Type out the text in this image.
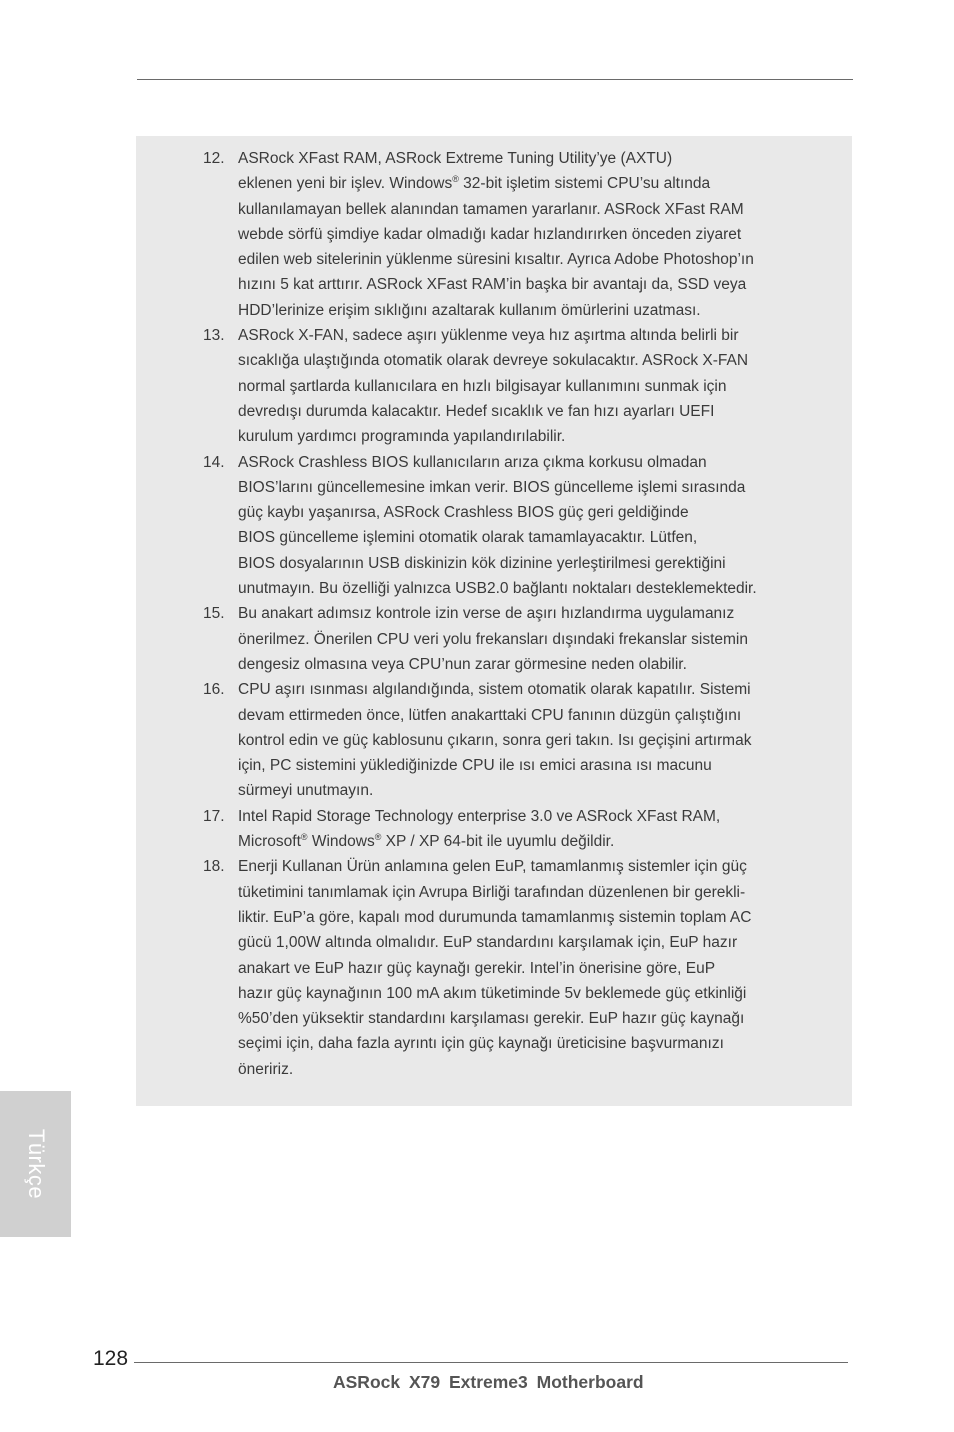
12. ASRock XFast RAM, ASRock Extreme Tuning Utility’ye (AXTU)
eklenen yeni bir işlev. Windows® 32-bit işletim sistemi CPU’su altında
kullanılamayan bellek alanından tamamen yararlanır. ASRock XFast RAM
webde sörfü şimdiye kadar olmadığı kadar hızlandırırken önceden ziyaret
edilen web sitelerinin yüklenme süresini kısaltır. Ayrıca Adobe Photoshop’ın
hızını 5 kat arttırır. ASRock XFast RAM’in başka bir avantajı da, SSD veya
HDD’lerinize erişim sıklığını azaltarak kullanım ömürlerini uzatması.
13. ASRock X-FAN, sadece aşırı yüklenme veya hız aşırtma altında belirli bir
sıcaklığa ulaştığında otomatik olarak devreye sokulacaktır. ASRock X-FAN
normal şartlarda kullanıcılara en hızlı bilgisayar kullanımını sunmak için
devredışı durumda kalacaktır. Hedef sıcaklık ve fan hızı ayarları UEFI
kurulum yardımcı programında yapılandırılabilir.
14. ASRock Crashless BIOS kullanıcıların arıza çıkma korkusu olmadan
BIOS’larını güncellemesine imkan verir. BIOS güncelleme işlemi sırasında
güç kaybı yaşanırsa, ASRock Crashless BIOS güç geri geldiğinde
BIOS güncelleme işlemini otomatik olarak tamamlayacaktır. Lütfen,
BIOS dosyalarının USB diskinizin kök dizinine yerleştirilmesi gerektiğini
unutmayın. Bu özelliği yalnızca USB2.0 bağlantı noktaları desteklemektedir.
15. Bu anakart adımsız kontrole izin verse de aşırı hızlandırma uygulamanız
önerilmez. Önerilen CPU veri yolu frekansları dışındaki frekanslar sistemin
dengesiz olmasına veya CPU’nun zarar görmesine neden olabilir.
16. CPU aşırı ısınması algılandığında, sistem otomatik olarak kapatılır. Sistemi
devam ettirmeden önce, lütfen anakarttaki CPU fanının düzgün çalıştığını
kontrol edin ve güç kablosunu çıkarın, sonra geri takın. Isı geçişini artırmak
için, PC sistemini yüklediğinizde CPU ile ısı emici arasına ısı macunu
sürmeyi unutmayın.
17. Intel Rapid Storage Technology enterprise 3.0 ve ASRock XFast RAM,
Microsoft® Windows® XP / XP 64-bit ile uyumlu değildir.
18. Enerji Kullanan Ürün anlamına gelen EuP, tamamlanmış sistemler için güç
tüketimini tanımlamak için Avrupa Birliği tarafından düzenlenen bir gerekli-
liktir. EuP’a göre, kapalı mod durumunda tamamlanmış sistemin toplam AC
gücü 1,00W altında olmalıdır. EuP standardını karşılamak için, EuP hazır
anakart ve EuP hazır güç kaynağı gerekir. Intel’in önerisine göre, EuP
hazır güç kaynağının 100 mA akım tüketiminde 5v beklemede güç etkinliği
%50’den yüksektir standardını karşılaması gerekir. EuP hazır güç kaynağı
seçimi için, daha fazla ayrıntı için güç kaynağı üreticisine başvurmanızı
öneririz.
Türkçe
128
ASRock X79 Extreme3 Motherboard
